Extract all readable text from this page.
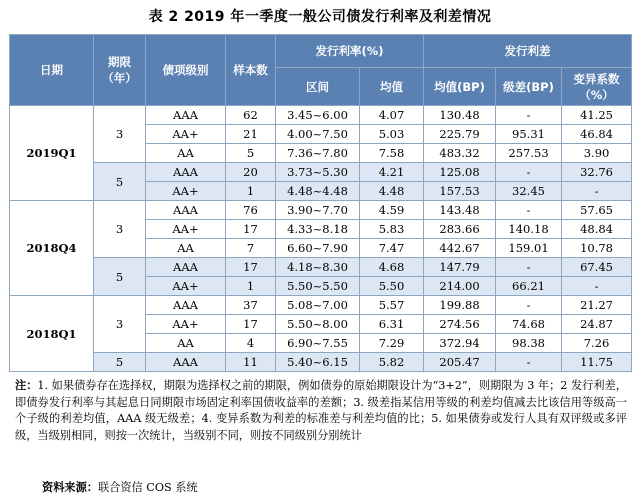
表 2 2019 年一季度一般公司债发行利率及利差情况
日期	期限
（年）	债项级别	样本数	发行利率(%)		发行利差		
				区间	均值	均值(BP)	级差(BP)	变异系数
（%）

2019Q1	3	AAA	62	3.45~6.00	4.07	130.48	-	41.25
		AA+	21	4.00~7.50	5.03	225.79	95.31	46.84
		AA	5	7.36~7.80	7.58	483.32	257.53	3.90
	5	AAA	20	3.73~5.30	4.21	125.08	-	32.76
		AA+	1	4.48~4.48	4.48	157.53	32.45	-
2018Q4	3	AAA	76	3.90~7.70	4.59	143.48	-	57.65
		AA+	17	4.33~8.18	5.83	283.66	140.18	48.84
		AA	7	6.60~7.90	7.47	442.67	159.01	10.78
	5	AAA	17	4.18~8.30	4.68	147.79	-	67.45
		AA+	1	5.50~5.50	5.50	214.00	66.21	-
2018Q1	3	AAA	37	5.08~7.00	5.57	199.88	-	21.27
		AA+	17	5.50~8.00	6.31	274.56	74.68	24.87
		AA	4	6.90~7.55	7.29	372.94	98.38	7.26
	5	AAA	11	5.40~6.15	5.82	205.47	-	11.75
注：1. 如果债券存在选择权，期限为选择权之前的期限，例如债券的原始期限设计为“3+2”，则期限为 3 年；2 发行利差，即债券发行利率与其起息日同期限市场固定利率国债收益率的差额；3. 级差指某信用等级的利差均值减去比该信用等级高一个子级的利差均值，AAA 级无级差；4. 变异系数为利差的标准差与利差均值的比；5. 如果债券或发行人具有双评级或多评级，当级别相同，则按一次统计，当级别不同，则按不同级别分别统计
资料来源：联合资信 COS 系统
